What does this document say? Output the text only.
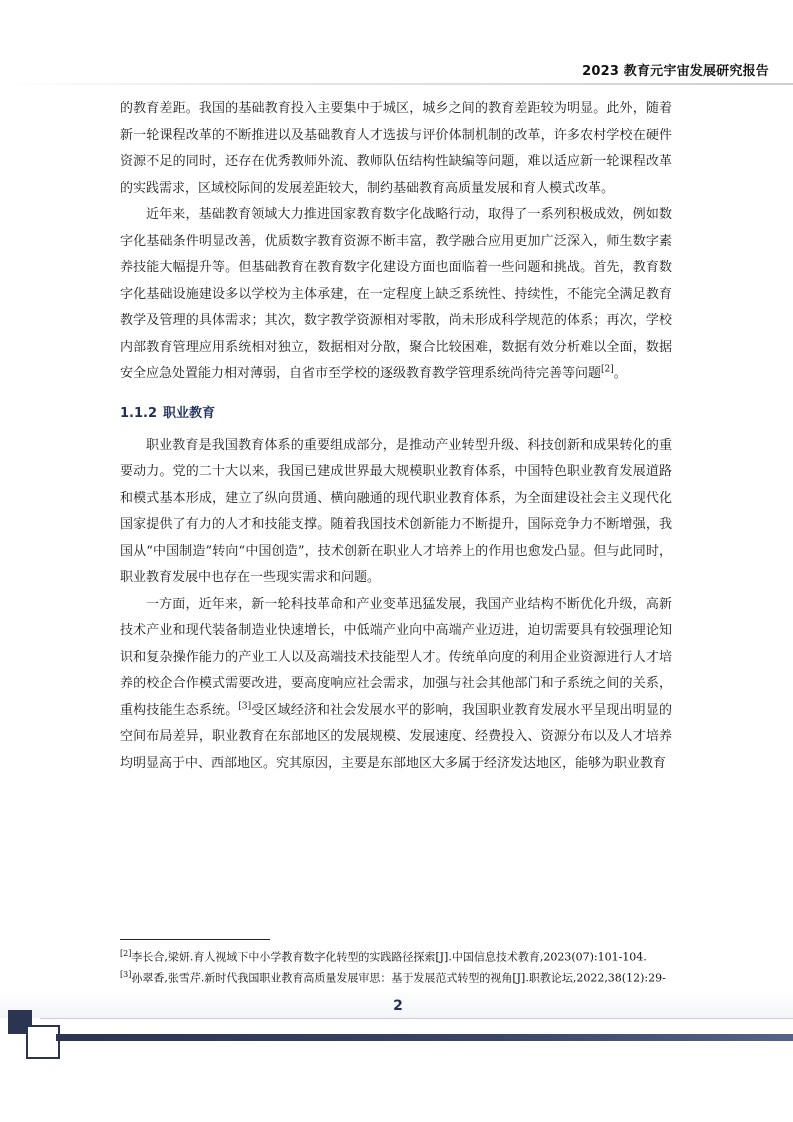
2023 教育元宇宙发展研究报告

的教育差距。我国的基础教育投入主要集中于城区，城乡之间的教育差距较为明显。此外，随着新一轮课程改革的不断推进以及基础教育人才选拔与评价体制机制的改革，许多农村学校在硬件资源不足的同时，还存在优秀教师外流、教师队伍结构性缺编等问题，难以适应新一轮课程改革的实践需求，区域校际间的发展差距较大，制约基础教育高质量发展和育人模式改革。

近年来，基础教育领域大力推进国家教育数字化战略行动，取得了一系列积极成效，例如数字化基础条件明显改善，优质数字教育资源不断丰富，教学融合应用更加广泛深入，师生数字素养技能大幅提升等。但基础教育在教育数字化建设方面也面临着一些问题和挑战。首先，教育数字化基础设施建设多以学校为主体承建，在一定程度上缺乏系统性、持续性，不能完全满足教育教学及管理的具体需求；其次，数字教学资源相对零散，尚未形成科学规范的体系；再次，学校内部教育管理应用系统相对独立，数据相对分散，聚合比较困难，数据有效分析难以全面，数据安全应急处置能力相对薄弱，自省市至学校的逐级教育教学管理系统尚待完善等问题[2]。

1.1.2 职业教育

职业教育是我国教育体系的重要组成部分，是推动产业转型升级、科技创新和成果转化的重要动力。党的二十大以来，我国已建成世界最大规模职业教育体系，中国特色职业教育发展道路和模式基本形成，建立了纵向贯通、横向融通的现代职业教育体系，为全面建设社会主义现代化国家提供了有力的人才和技能支撑。随着我国技术创新能力不断提升，国际竞争力不断增强，我国从“中国制造”转向“中国创造”，技术创新在职业人才培养上的作用也愈发凸显。但与此同时，职业教育发展中也存在一些现实需求和问题。

一方面，近年来，新一轮科技革命和产业变革迅猛发展，我国产业结构不断优化升级，高新技术产业和现代装备制造业快速增长，中低端产业向中高端产业迈进，迫切需要具有较强理论知识和复杂操作能力的产业工人以及高端技术技能型人才。传统单向度的利用企业资源进行人才培养的校企合作模式需要改进，要高度响应社会需求，加强与社会其他部门和子系统之间的关系，重构技能生态系统。[3]受区域经济和社会发展水平的影响，我国职业教育发展水平呈现出明显的空间布局差异，职业教育在东部地区的发展规模、发展速度、经费投入、资源分布以及人才培养均明显高于中、西部地区。究其原因，主要是东部地区大多属于经济发达地区，能够为职业教育

[2]李长合,梁妍.育人视域下中小学教育数字化转型的实践路径探索[J].中国信息技术教育,2023(07):101-104.

[3]孙翠香,张雪芹.新时代我国职业教育高质量发展审思：基于发展范式转型的视角[J].职教论坛,2022,38(12):29-

2
